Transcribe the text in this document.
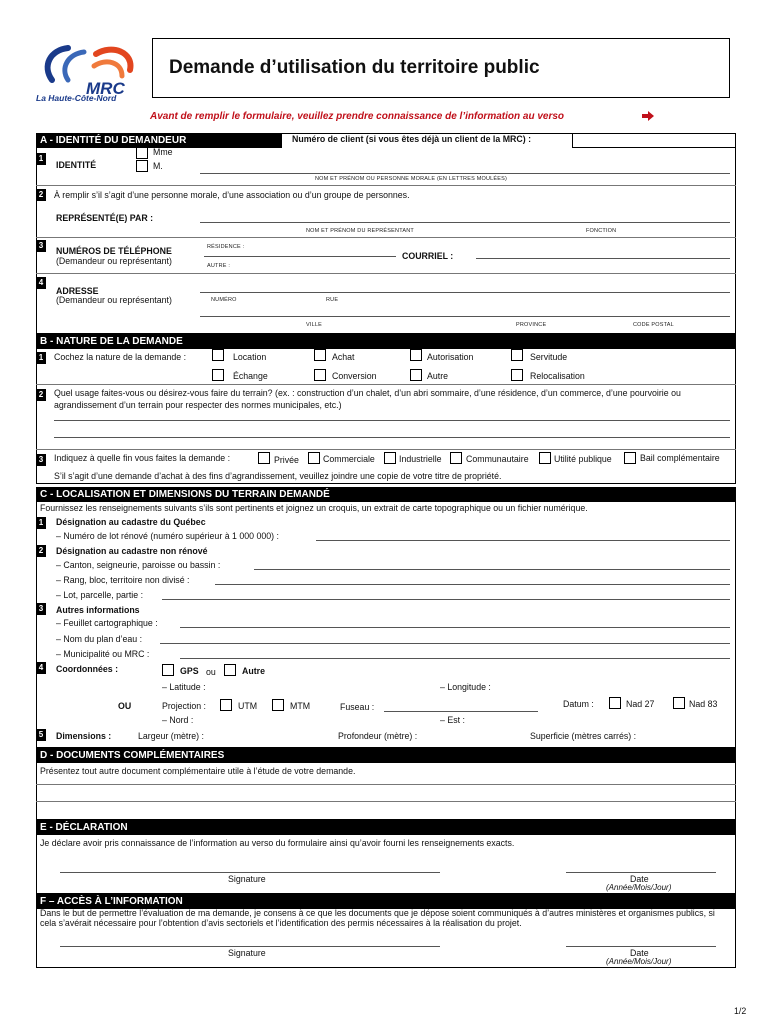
MRC
La Haute-Côte-Nord
Demande d’utilisation du territoire public
Avant de remplir le formulaire, veuillez prendre connaissance de l’information au verso
A - IDENTITÉ DU DEMANDEUR	Numéro de client (si vous êtes déjà un client de la MRC) :
1
IDENTITÉ
Mme
M.
NOM ET PRÉNOM OU PERSONNE MORALE (EN LETTRES MOULÉES)
2	À remplir s’il s’agit d’une personne morale, d’une association ou d’un groupe de personnes.
REPRÉSENTÉ(E) PAR :
NOM ET PRÉNOM DU REPRÉSENTANT	FONCTION
3
NUMÉROS DE TÉLÉPHONE
(Demandeur ou représentant)
RÉSIDENCE :
AUTRE :
COURRIEL :
4
ADRESSE
(Demandeur ou représentant)	NUMÉRO	RUE
VILLE	PROVINCE	CODE POSTAL
B - NATURE DE LA DEMANDE
1	Cochez la nature de la demande :	Location	Achat	Autorisation	Servitude
Échange	Conversion	Autre	Relocalisation
2	Quel usage faites-vous ou désirez-vous faire du terrain? (ex. : construction d’un chalet, d’un abri sommaire, d’une résidence, d’un commerce, d’une pourvoirie ou agrandissement d’un terrain pour respecter des normes municipales, etc.)
3	Indiquez à quelle fin vous faites la demande :	Privée	Commerciale	Industrielle	Communautaire	Utilité publique	Bail complémentaire
S’il s’agit d’une demande d’achat à des fins d’agrandissement, veuillez joindre une copie de votre titre de propriété.
C - LOCALISATION ET DIMENSIONS DU TERRAIN DEMANDÉ
Fournissez les renseignements suivants s’ils sont pertinents et joignez un croquis, un extrait de carte topographique ou un fichier numérique.
1	Désignation au cadastre du Québec
– Numéro de lot rénové (numéro supérieur à 1 000 000) :
2	Désignation au cadastre non rénové
– Canton, seigneurie, paroisse ou bassin :
– Rang, bloc, territoire non divisé :
– Lot, parcelle, partie :
3	Autres informations
– Feuillet cartographique :
– Nom du plan d’eau :
– Municipalité ou MRC :
4	Coordonnées :	GPS ou	Autre
– Latitude :	– Longitude :
OU	Projection :	UTM	MTM	Fuseau :	Datum :	Nad 27	Nad 83
– Nord :	– Est :
5	Dimensions :	Largeur (mètre) :	Profondeur (mètre) :	Superficie (mètres carrés) :
D - DOCUMENTS COMPLÉMENTAIRES
Présentez tout autre document complémentaire utile à l’étude de votre demande.
E - DÉCLARATION
Je déclare avoir pris connaissance de l’information au verso du formulaire ainsi qu’avoir fourni les renseignements exacts.
Signature	Date
(Année/Mois/Jour)
F – ACCÈS À L’INFORMATION
Dans le but de permettre l’évaluation de ma demande, je consens à ce que les documents que je dépose soient communiqués à d’autres ministères et organismes publics, si cela s’avérait nécessaire pour l’obtention d’avis sectoriels et l’identification des permis nécessaires à la réalisation du projet.
Signature	Date
(Année/Mois/Jour)
1/2
